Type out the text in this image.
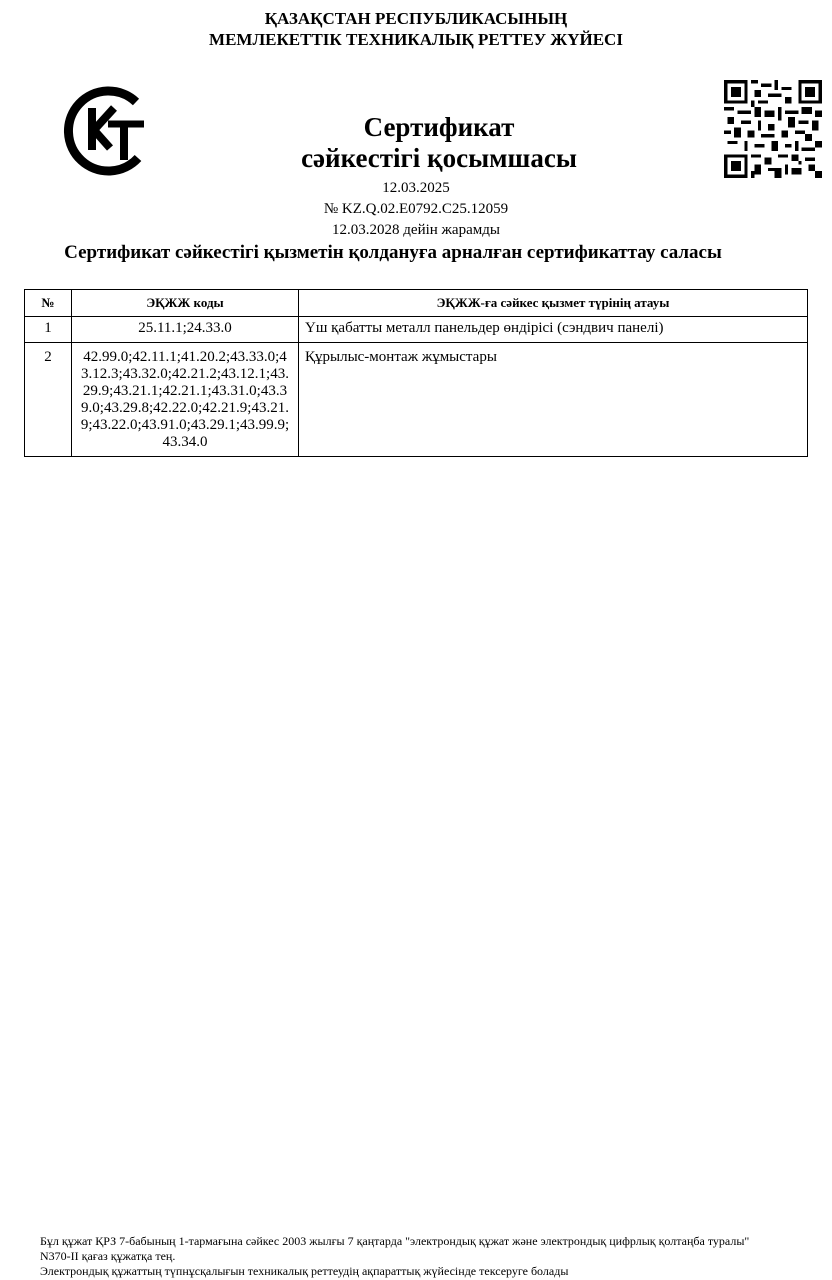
ҚАЗАҚСТАН РЕСПУБЛИКАСЫНЫҢ
МЕМЛЕКЕТТІК ТЕХНИКАЛЫҚ РЕТТЕУ ЖҮЙЕСІ
Сертификат
сәйкестігі қосымшасы
12.03.2025
№ KZ.Q.02.E0792.C25.12059
12.03.2028 дейін жарамды
Сертификат сәйкестігі қызметін қолдануға арналған сертификаттау саласы
№	ЭҚЖЖ коды	ЭҚЖЖ-ға сәйкес қызмет түрінің атауы
1	25.11.1;24.33.0	Үш қабатты металл панельдер өндірісі (сэндвич панелі)
2	42.99.0;42.11.1;41.20.2;43.33.0;43.12.3;43.32.0;42.21.2;43.12.1;43.29.9;43.21.1;42.21.1;43.31.0;43.39.0;43.29.8;42.22.0;42.21.9;43.21.9;43.22.0;43.91.0;43.29.1;43.99.9;43.34.0	Құрылыс-монтаж жұмыстары
Бұл құжат ҚРЗ 7-бабының 1-тармағына сәйкес 2003 жылғы 7 қаңтарда "электрондық құжат және электрондық цифрлық қолтаңба туралы"
N370-II қағаз құжатқа тең.
Электрондық құжаттың түпнұсқалығын техникалық реттеудің ақпараттық жүйесінде тексеруге болады
